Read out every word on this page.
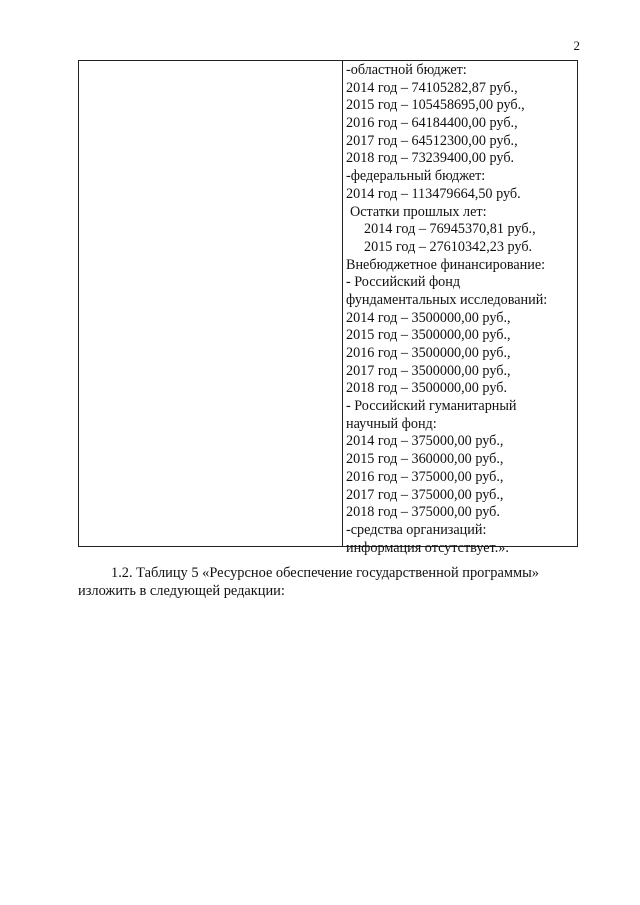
2
-областной бюджет:
2014 год – 74105282,87 руб.,
2015 год – 105458695,00 руб.,
2016 год – 64184400,00 руб.,
2017 год – 64512300,00 руб.,
2018 год – 73239400,00 руб.
-федеральный бюджет:
2014 год – 113479664,50 руб.
Остатки прошлых лет:
2014 год – 76945370,81 руб.,
2015 год – 27610342,23 руб.
Внебюджетное финансирование:
- Российский фонд
фундаментальных исследований:
2014 год – 3500000,00 руб.,
2015 год – 3500000,00 руб.,
2016 год – 3500000,00 руб.,
2017 год – 3500000,00 руб.,
2018 год – 3500000,00 руб.
- Российский гуманитарный
научный фонд:
2014 год – 375000,00 руб.,
2015 год – 360000,00 руб.,
2016 год – 375000,00 руб.,
2017 год – 375000,00 руб.,
2018 год – 375000,00 руб.
-средства организаций:
информация отсутствует.».
1.2. Таблицу 5 «Ресурсное обеспечение государственной программы»
изложить в следующей редакции:
